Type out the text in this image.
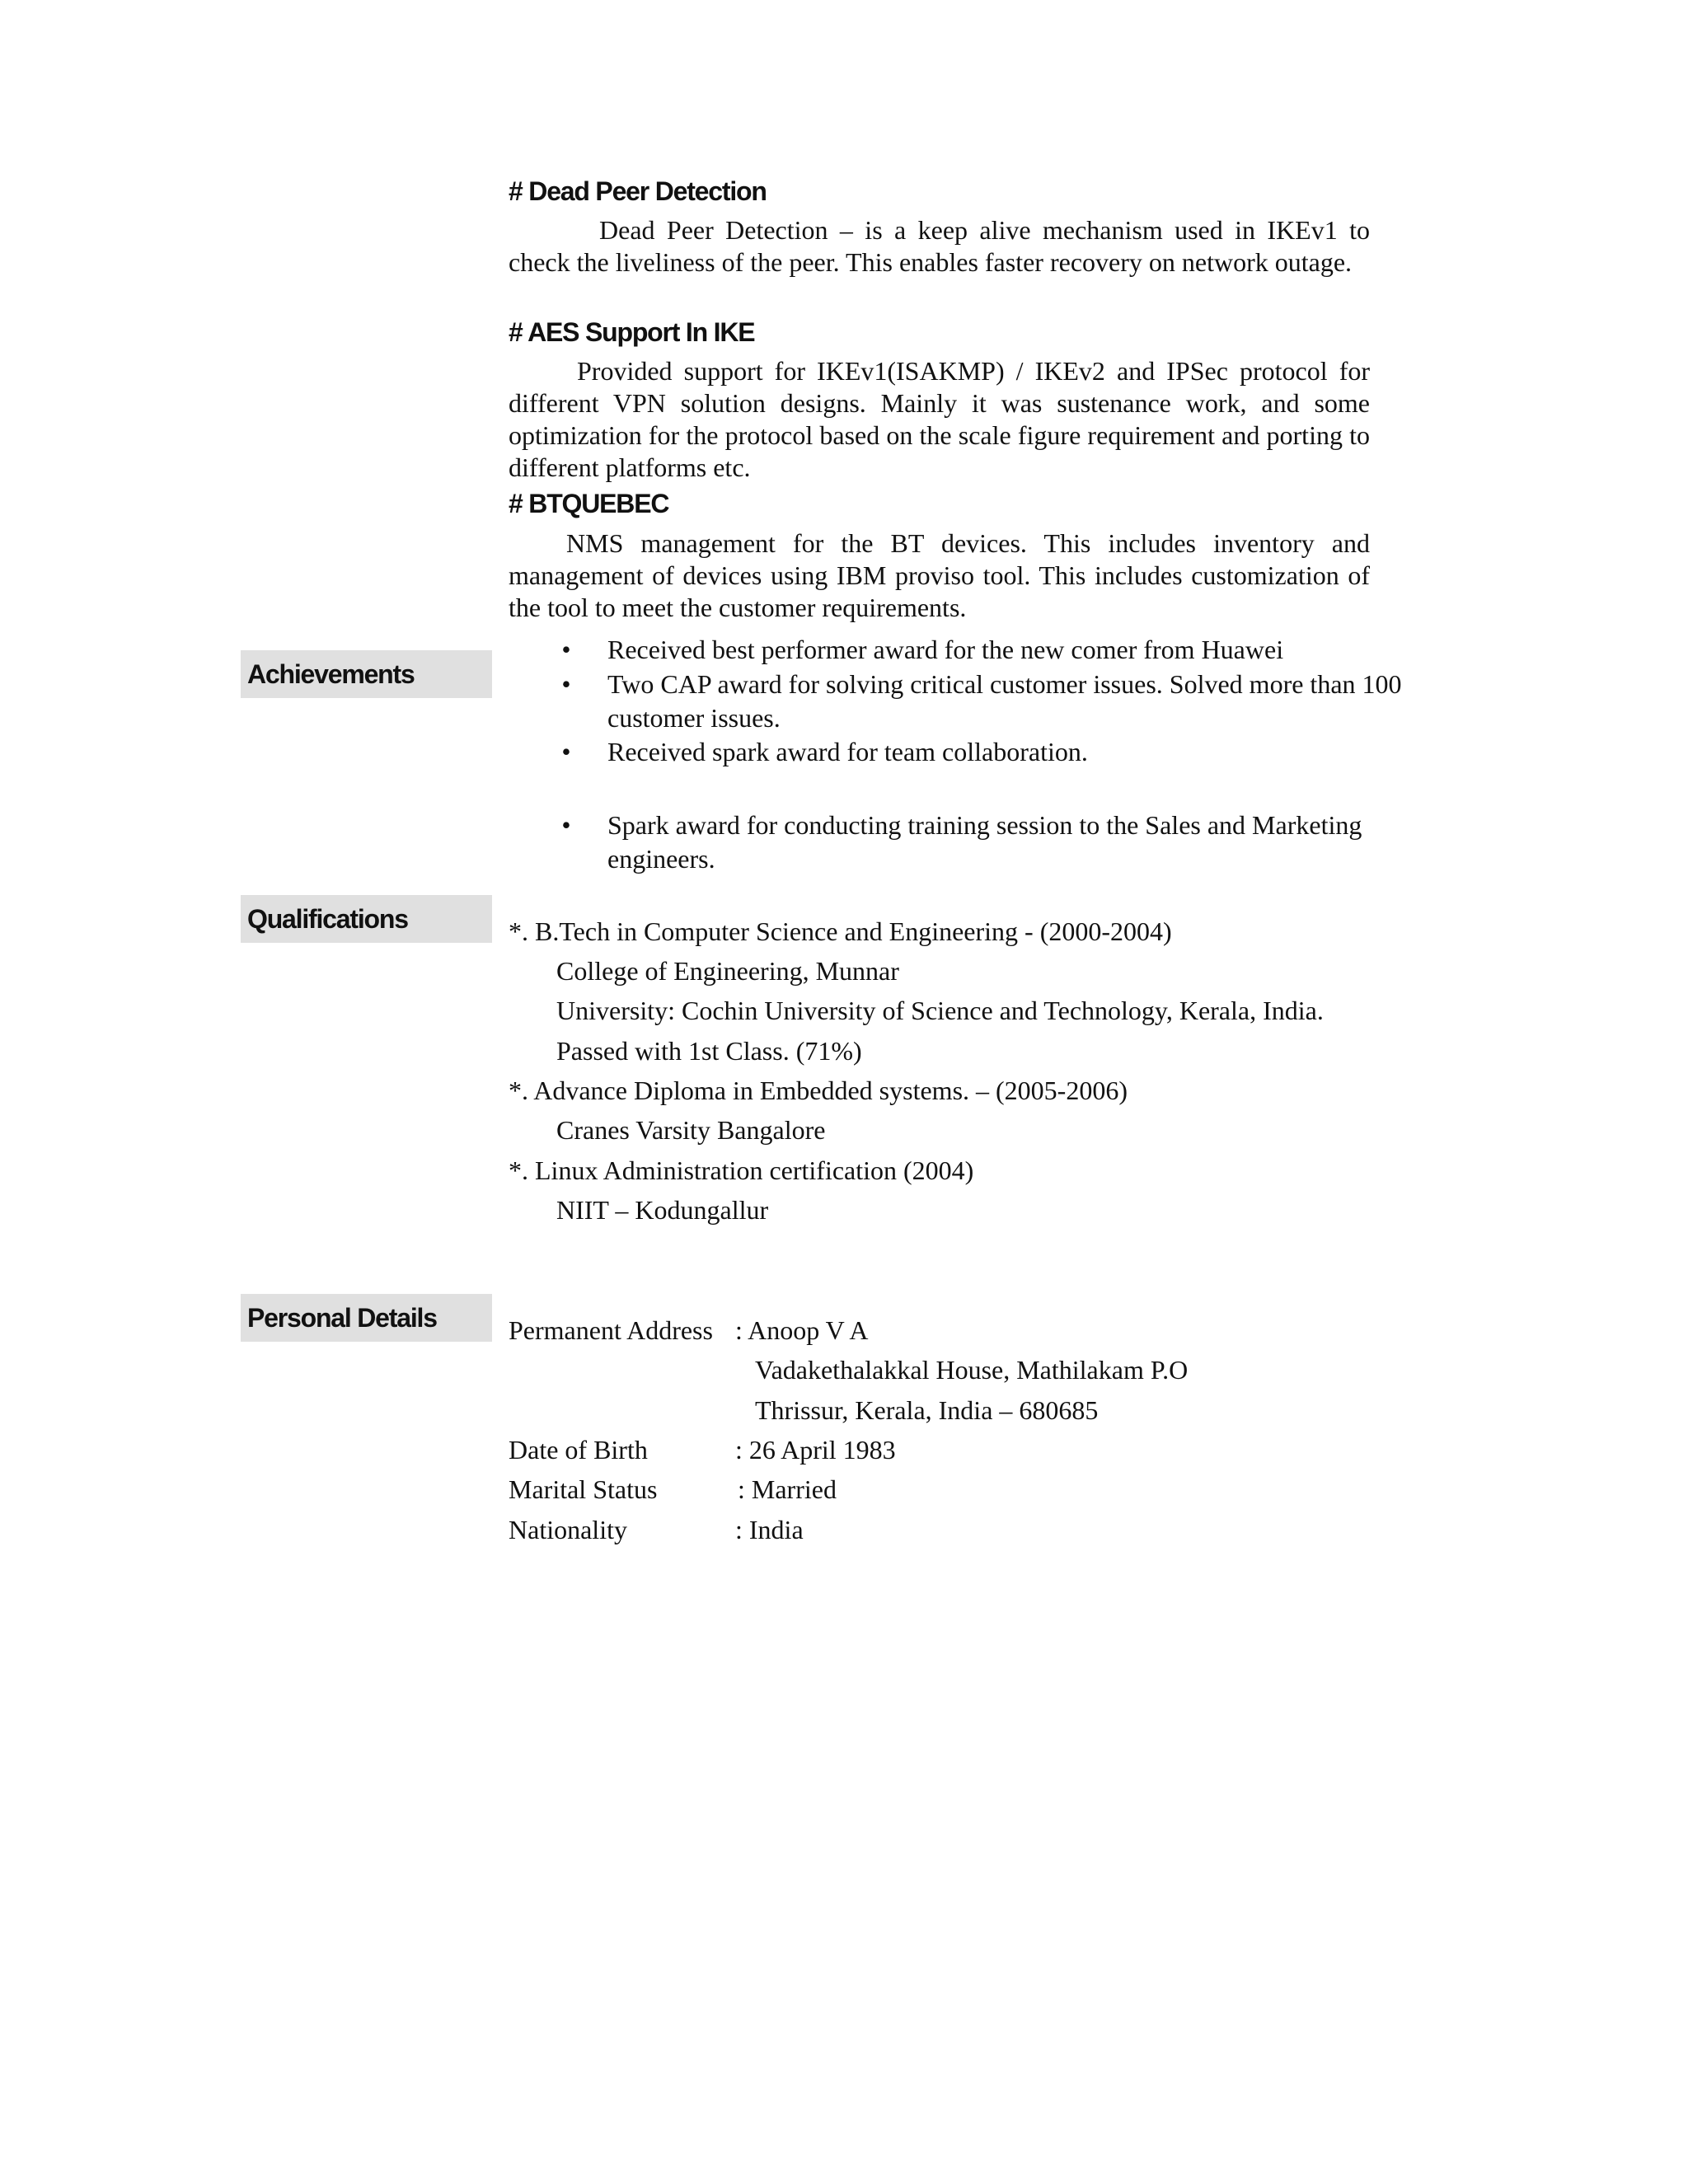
# Dead Peer Detection

Dead Peer Detection – is a keep alive mechanism used in IKEv1 to check the liveliness of the peer. This enables faster recovery on network outage.

# AES Support In IKE

Provided support for IKEv1(ISAKMP) / IKEv2 and IPSec protocol for different VPN solution designs. Mainly it was sustenance work, and some optimization for the protocol based on the scale figure requirement and porting to different platforms etc.

# BTQUEBEC

NMS management for the BT devices. This includes inventory and management of devices using IBM proviso tool. This includes customization of the tool to meet the customer requirements.

Achievements
• Received best performer award for the new comer from Huawei
• Two CAP award for solving critical customer issues. Solved more than 100 customer issues.
• Received spark award for team collaboration.
• Spark award for conducting training session to the Sales and Marketing engineers.
Qualifications	*. B.Tech in Computer Science and Engineering - (2000-2004)
College of Engineering, Munnar
University: Cochin University of Science and Technology, Kerala, India.
Passed with 1st Class. (71%)
*. Advance Diploma in Embedded systems. – (2005-2006)
Cranes Varsity Bangalore
*. Linux Administration certification (2004)
NIIT – Kodungallur
Personal Details	Permanent Address : Anoop V A
Vadakethalakkal House, Mathilakam P.O
Thrissur, Kerala, India – 680685
Date of Birth	: 26 April 1983
Marital Status	: Married
Nationality	: India
